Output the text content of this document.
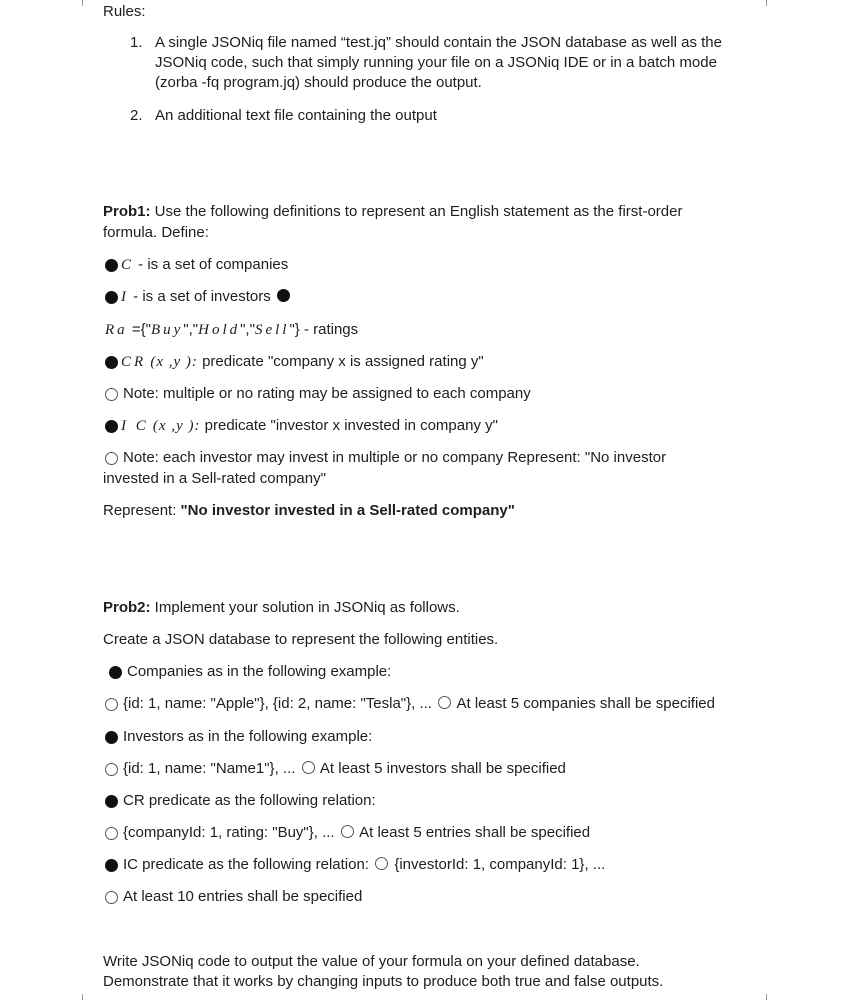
Rules:
1. A single JSONiq file named “test.jq” should contain the JSON database as well as the
JSONiq code, such that simply running your file on a JSONiq IDE or in a batch mode
(zorba -fq program.jq) should produce the output.
2. An additional text file containing the output
Prob1: Use the following definitions to represent an English statement as the first-order
formula. Define:
C - is a set of companies
I - is a set of investors
Ra ={"Buy","Hold","Sell"} - ratings
CR (x ,y ): predicate "company x is assigned rating y"
Note: multiple or no rating may be assigned to each company
I C (x ,y ): predicate "investor x invested in company y"
Note: each investor may invest in multiple or no company Represent: "No investor
invested in a Sell-rated company"
Represent: "No investor invested in a Sell-rated company"
Prob2: Implement your solution in JSONiq as follows.
Create a JSON database to represent the following entities.
Companies as in the following example:
{id: 1, name: "Apple"}, {id: 2, name: "Tesla"}, ... At least 5 companies shall be specified
Investors as in the following example:
{id: 1, name: "Name1"}, ... At least 5 investors shall be specified
CR predicate as the following relation:
{companyId: 1, rating: "Buy"}, ... At least 5 entries shall be specified
IC predicate as the following relation: {investorId: 1, companyId: 1}, ...
At least 10 entries shall be specified
Write JSONiq code to output the value of your formula on your defined database.
Demonstrate that it works by changing inputs to produce both true and false outputs.
